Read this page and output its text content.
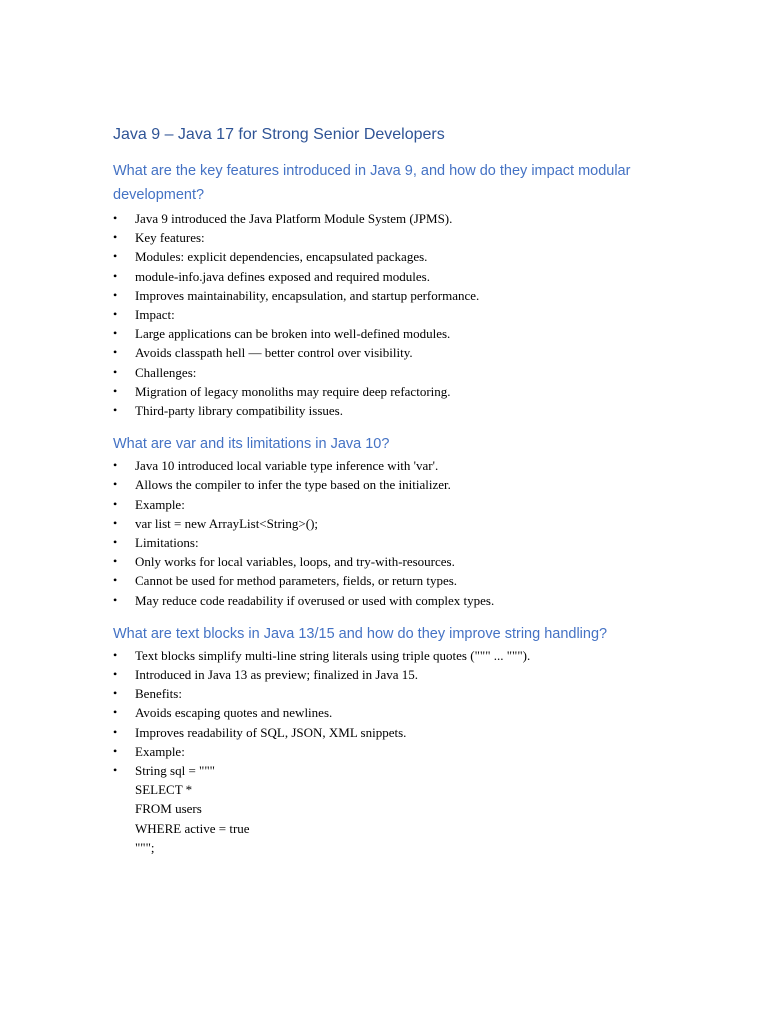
Java 9 – Java 17 for Strong Senior Developers
What are the key features introduced in Java 9, and how do they impact modular development?
• Java 9 introduced the Java Platform Module System (JPMS).
• Key features:
• Modules: explicit dependencies, encapsulated packages.
• module-info.java defines exposed and required modules.
• Improves maintainability, encapsulation, and startup performance.
• Impact:
• Large applications can be broken into well-defined modules.
• Avoids classpath hell — better control over visibility.
• Challenges:
• Migration of legacy monoliths may require deep refactoring.
• Third-party library compatibility issues.
What are var and its limitations in Java 10?
• Java 10 introduced local variable type inference with 'var'.
• Allows the compiler to infer the type based on the initializer.
• Example:
• var list = new ArrayList<String>();
• Limitations:
• Only works for local variables, loops, and try-with-resources.
• Cannot be used for method parameters, fields, or return types.
• May reduce code readability if overused or used with complex types.
What are text blocks in Java 13/15 and how do they improve string handling?
• Text blocks simplify multi-line string literals using triple quotes (""" ... """).
• Introduced in Java 13 as preview; finalized in Java 15.
• Benefits:
• Avoids escaping quotes and newlines.
• Improves readability of SQL, JSON, XML snippets.
• Example:
• String sql = """
SELECT *
FROM users
WHERE active = true
""";
